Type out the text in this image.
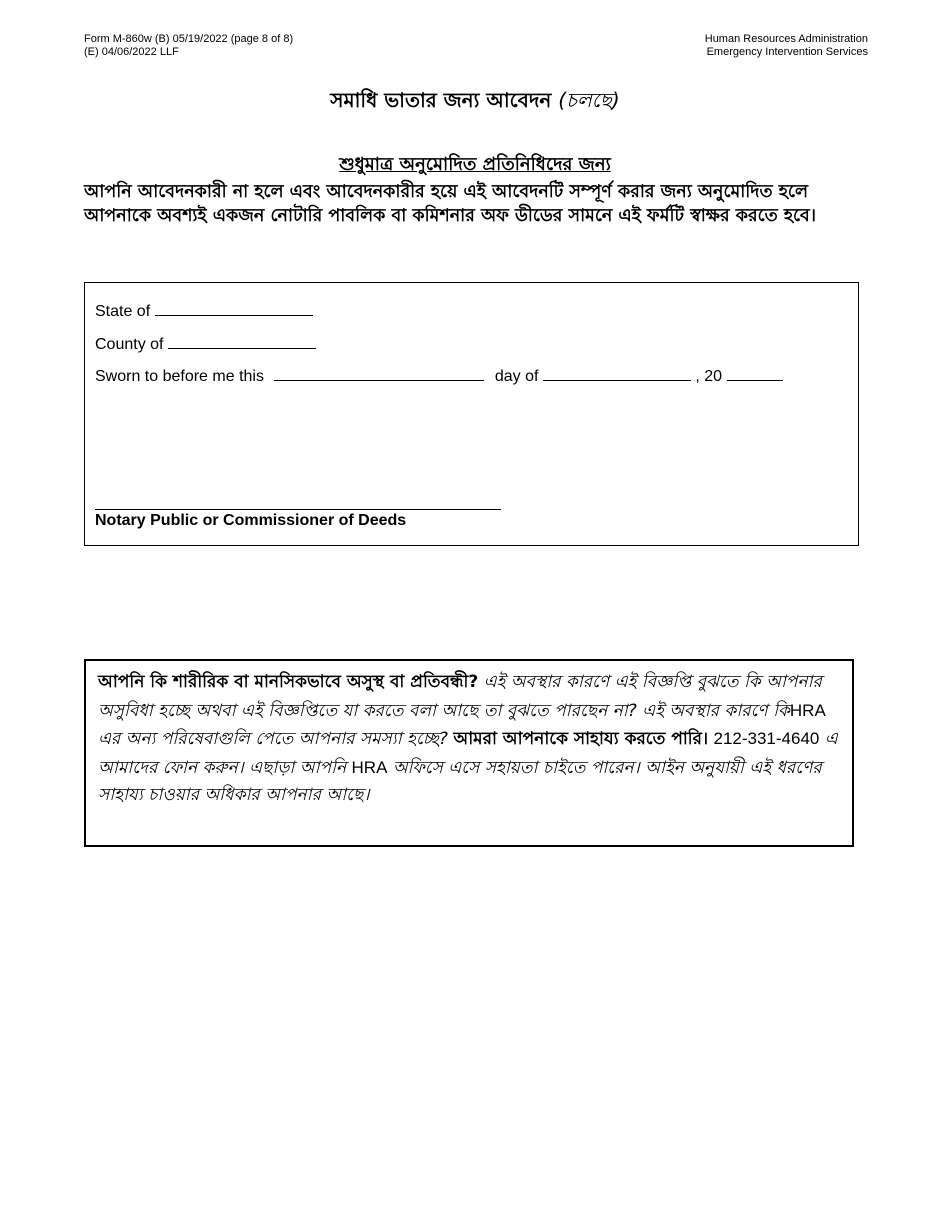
Form M-860w (B) 05/19/2022 (page 8 of 8)
(E) 04/06/2022 LLF
Human Resources Administration
Emergency Intervention Services
সমাধি ভাতার জন্য আবেদন (চলছে)
শুধুমাত্র অনুমোদিত প্রতিনিধিদের জন্য
আপনি আবেদনকারী না হলে এবং আবেদনকারীর হয়ে এই আবেদনটি সম্পূর্ণ করার জন্য অনুমোদিত হলে আপনাকে অবশ্যই একজন নোটারি পাবলিক বা কমিশনার অফ ডীডের সামনে এই ফর্মটি স্বাক্ষর করতে হবে।
State of
County of
Sworn to before me this	day of	, 20
Notary Public or Commissioner of Deeds
আপনি কি শারীরিক বা মানসিকভাবে অসুস্থ বা প্রতিবন্ধী? এই অবস্থার কারণে এই বিজ্ঞপ্তি বুঝতে কি আপনার অসুবিধা হচ্ছে অথবা এই বিজ্ঞপ্তিতে যা করতে বলা আছে তা বুঝতে পারছেন না? এই অবস্থার কারণে কিHRA এর অন্য পরিষেবাগুলি পেতে আপনার সমস্যা হচ্ছে? আমরা আপনাকে সাহায্য করতে পারি। 212-331-4640 এ আমাদের ফোন করুন। এছাড়া আপনি HRA অফিসে এসে সহায়তা চাইতে পারেন। আইন অনুযায়ী এই ধরণের সাহায্য চাওয়ার অধিকার আপনার আছে।
